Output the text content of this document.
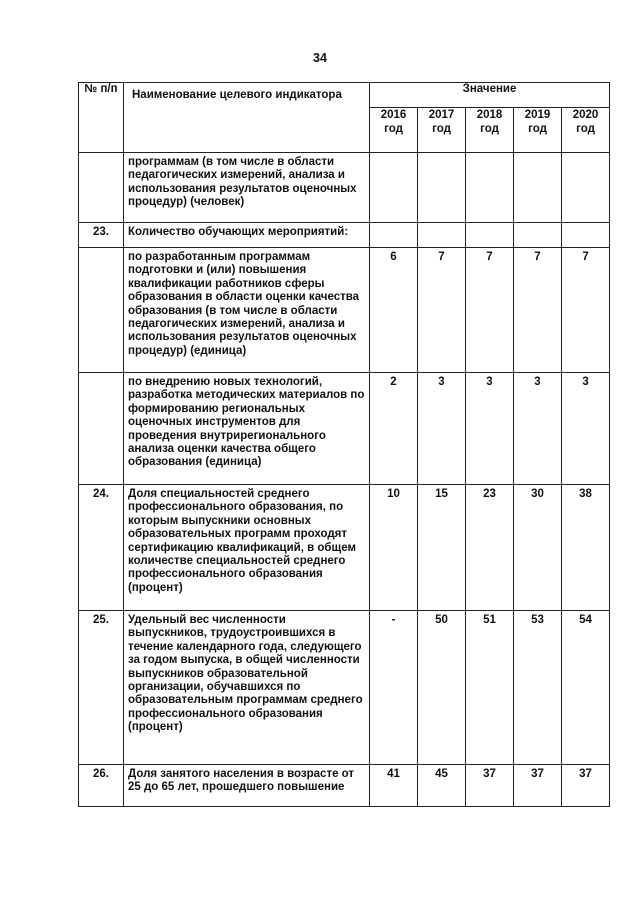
34
№ п/п	Наименование целевого индикатора	Значение				
		2016 год	2017 год	2018 год	2019 год	2020 год
	программам (в том числе в области педагогических измерений, анализа и использования результатов оценочных процедур) (человек)					
23.	Количество обучающих мероприятий:					
	по разработанным программам подготовки и (или) повышения квалификации работников сферы образования в области оценки качества образования (в том числе в области педагогических измерений, анализа и использования результатов оценочных процедур) (единица)	6	7	7	7	7
	по внедрению новых технологий, разработка методических материалов по формированию региональных оценочных инструментов для проведения внутрирегионального анализа оценки качества общего образования (единица)	2	3	3	3	3
24.	Доля специальностей среднего профессионального образования, по которым выпускники основных образовательных программ проходят сертификацию квалификаций, в общем количестве специальностей среднего профессионального образования (процент)	10	15	23	30	38
25.	Удельный вес численности выпускников, трудоустроившихся в течение календарного года, следующего за годом выпуска, в общей численности выпускников образовательной организации, обучавшихся по образовательным программам среднего профессионального образования (процент)	-	50	51	53	54
26.	Доля занятого населения в возрасте от 25 до 65 лет, прошедшего повышение	41	45	37	37	37
